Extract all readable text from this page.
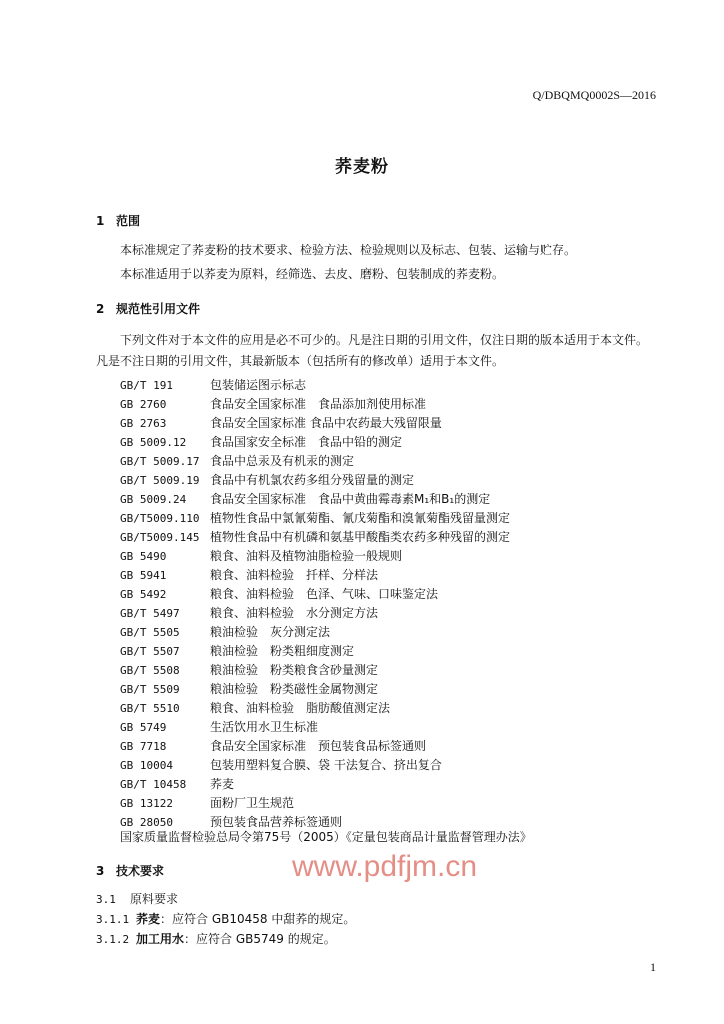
Q/DBQMQ0002S—2016
荞麦粉
1 范围
本标准规定了荞麦粉的技术要求、检验方法、检验规则以及标志、包装、运输与贮存。
本标准适用于以荞麦为原料，经筛选、去皮、磨粉、包装制成的荞麦粉。
2 规范性引用文件
下列文件对于本文件的应用是必不可少的。凡是注日期的引用文件，仅注日期的版本适用于本文件。凡是不注日期的引用文件，其最新版本（包括所有的修改单）适用于本文件。
GB/T 191	包装储运图示标志
GB 2760	食品安全国家标准　食品添加剂使用标准
GB 2763	食品安全国家标准 食品中农药最大残留限量
GB 5009.12 食品国家安全标准　食品中铅的测定
GB/T 5009.17 食品中总汞及有机汞的测定
GB/T 5009.19 食品中有机氯农药多组分残留量的测定
GB 5009.24 食品安全国家标准　食品中黄曲霉毒素M₁和B₁的测定
GB/T5009.110 植物性食品中氯氰菊酯、氰戊菊酯和溴氰菊酯残留量测定
GB/T5009.145 植物性食品中有机磷和氨基甲酸酯类农药多种残留的测定
GB 5490	粮食、油料及植物油脂检验一般规则
GB 5941	粮食、油料检验　扦样、分样法
GB 5492	粮食、油料检验　色泽、气味、口味鉴定法
GB/T 5497	粮食、油料检验　水分测定方法
GB/T 5505	粮油检验　灰分测定法
GB/T 5507	粮油检验　粉类粗细度测定
GB/T 5508	粮油检验　粉类粮食含砂量测定
GB/T 5509	粮油检验　粉类磁性金属物测定
GB/T 5510	粮食、油料检验　脂肪酸值测定法
GB 5749	生活饮用水卫生标准
GB 7718	食品安全国家标准　预包装食品标签通则
GB 10004	包装用塑料复合膜、袋 干法复合、挤出复合
GB/T 10458 荞麦
GB 13122	面粉厂卫生规范
GB 28050	预包装食品营养标签通则
国家质量监督检验总局令第75号（2005）《定量包装商品计量监督管理办法》
3 技术要求	www.pdfjm.cn
3.1 原料要求
3.1.1 荞麦：应符合 GB10458 中甜荞的规定。
3.1.2 加工用水：应符合 GB5749 的规定。
1
